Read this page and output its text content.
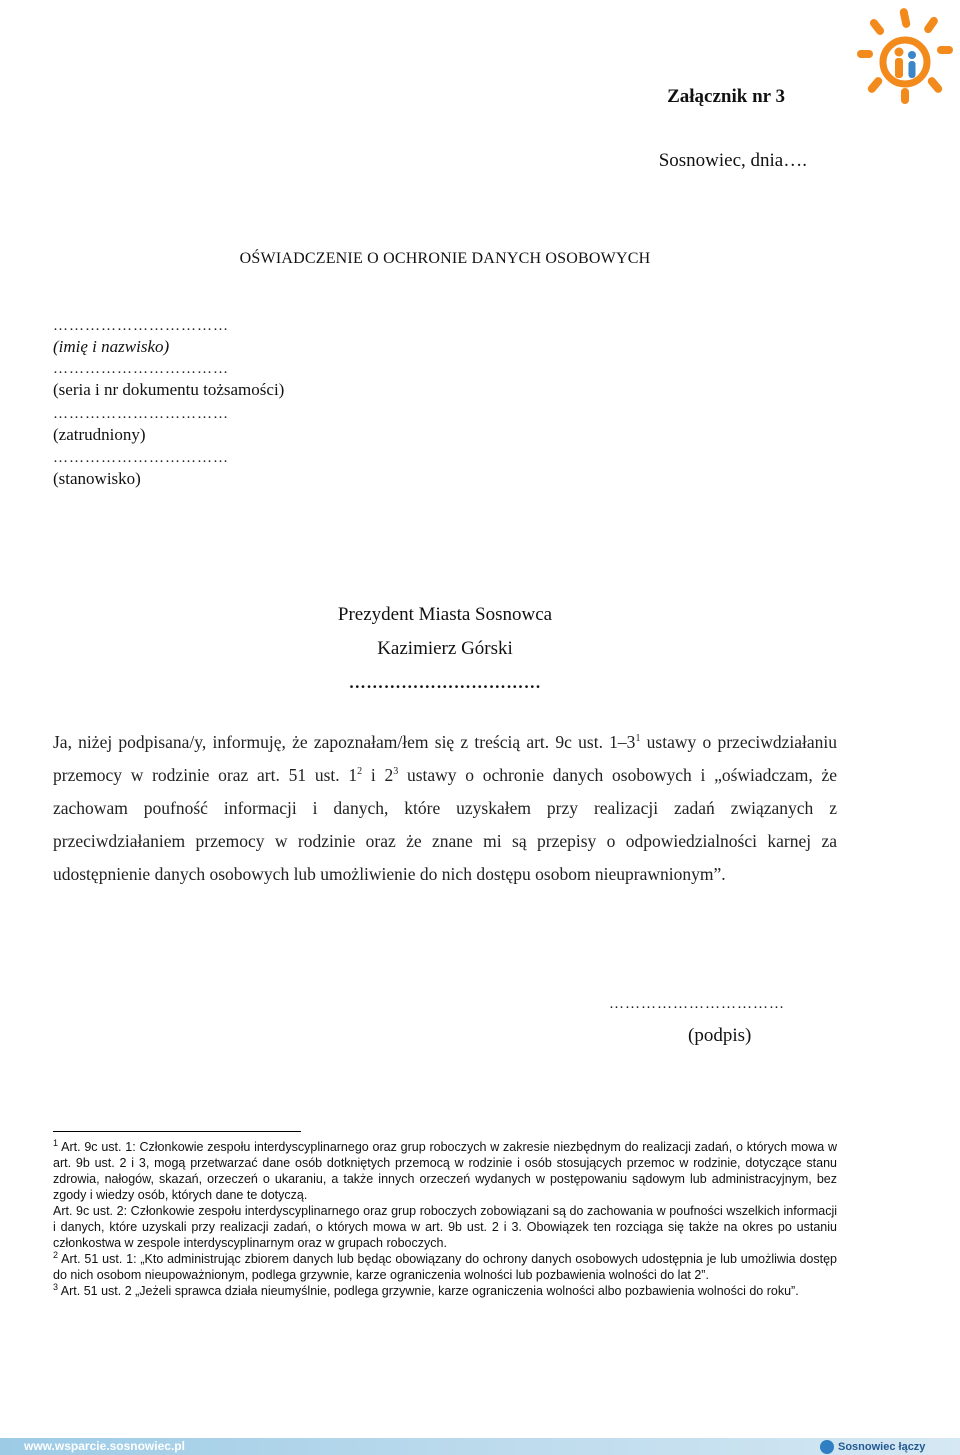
Załącznik nr 3
Sosnowiec, dnia….
OŚWIADCZENIE O OCHRONIE DANYCH OSOBOWYCH
……………………………
(imię i nazwisko)
……………………………
(seria i nr dokumentu tożsamości)
……………………………
(zatrudniony)
……………………………
(stanowisko)
Prezydent Miasta Sosnowca
Kazimierz Górski
……………………………
Ja, niżej podpisana/y, informuję, że zapoznałam/łem się z treścią art. 9c ust. $1-3^1$ ustawy o przeciwdziałaniu przemocy w rodzinie oraz art. 51 ust. $1^2$ i $2^3$ ustawy o ochronie danych osobowych i „oświadczam, że zachowam poufność informacji i danych, które uzyskałem przy realizacji zadań związanych z przeciwdziałaniem przemocy w rodzinie oraz że znane mi są przepisy o odpowiedzialności karnej za udostępnienie danych osobowych lub umożliwienie do nich dostępu osobom nieuprawnionym”.
……………………………
(podpis)

$^1$ Art. 9c ust. 1: Członkowie zespołu interdyscyplinarnego oraz grup roboczych w zakresie niezbędnym do realizacji zadań, o których mowa w art. 9b ust. 2 i 3, mogą przetwarzać dane osób dotkniętych przemocą w rodzinie i osób stosujących przemoc w rodzinie, dotyczące stanu zdrowia, nałogów, skazań, orzeczeń o ukaraniu, a także innych orzeczeń wydanych w postępowaniu sądowym lub administracyjnym, bez zgody i wiedzy osób, których dane te dotyczą.

Art. 9c ust. 2: Członkowie zespołu interdyscyplinarnego oraz grup roboczych zobowiązani są do zachowania w poufności wszelkich informacji i danych, które uzyskali przy realizacji zadań, o których mowa w art. 9b ust. 2 i 3. Obowiązek ten rozciąga się także na okres po ustaniu członkostwa w zespole interdyscyplinarnym oraz w grupach roboczych.

$^2$ Art. 51 ust. 1: „Kto administrując zbiorem danych lub będąc obowiązany do ochrony danych osobowych udostępnia je lub umożliwia dostęp do nich osobom nieupoważnionym, podlega grzywnie, karze ograniczenia wolności lub pozbawienia wolności do lat 2”.

$^3$ Art. 51 ust. 2 „Jeżeli sprawca działa nieumyślnie, podlega grzywnie, karze ograniczenia wolności albo pozbawienia wolności do roku”.

www.wsparcie.sosnowiec.pl	Sosnowiec łączy
